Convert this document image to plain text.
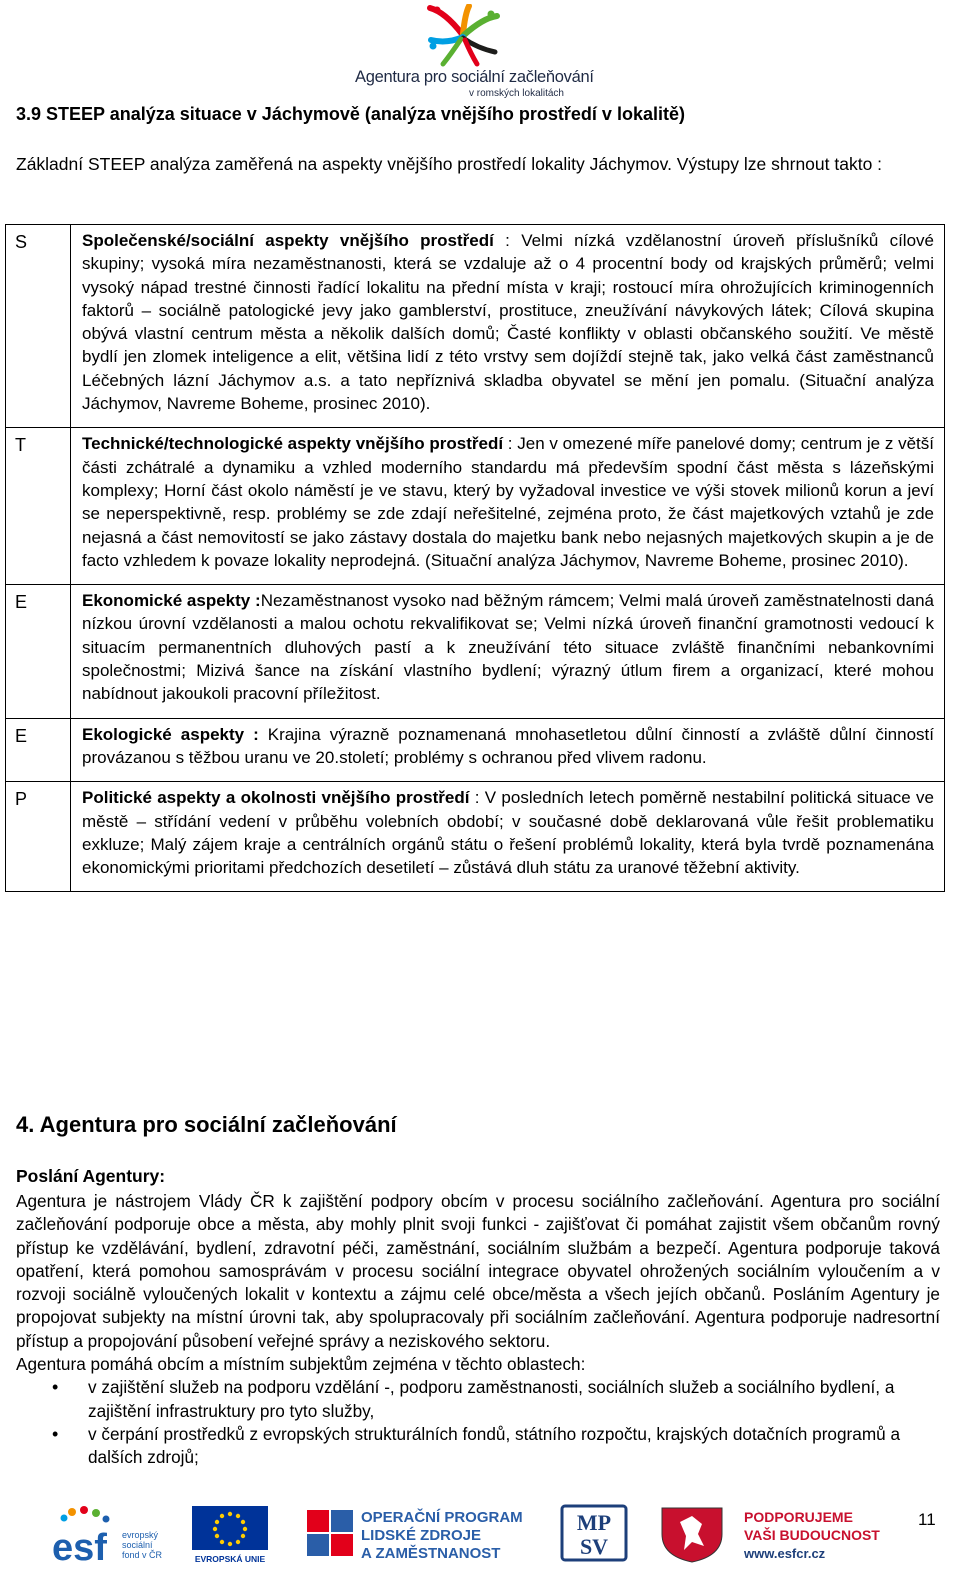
Agentura pro sociální začleňování
v romských lokalitách
3.9 STEEP analýza situace v Jáchymově (analýza vnějšího prostředí v lokalitě)
Základní STEEP analýza zaměřená na aspekty vnějšího prostředí lokality Jáchymov. Výstupy lze shrnout takto :
S	Společenské/sociální aspekty vnějšího prostředí : Velmi nízká vzdělanostní úroveň příslušníků cílové skupiny; vysoká míra nezaměstnanosti, která se vzdaluje až o 4 procentní body od krajských průměrů; velmi vysoký nápad trestné činnosti řadící lokalitu na přední místa v kraji; rostoucí míra ohrožujících kriminogenních faktorů – sociálně patologické jevy jako gamblerství, prostituce, zneužívání návykových látek; Cílová skupina obývá vlastní centrum města a několik dalších domů; Časté konflikty v oblasti občanského soužití. Ve městě bydlí jen zlomek inteligence a elit, většina lidí z této vrstvy sem dojíždí stejně tak, jako velká část zaměstnanců Léčebných lázní Jáchymov a.s. a tato nepříznivá skladba obyvatel se mění jen pomalu. (Situační analýza Jáchymov, Navreme Boheme, prosinec 2010).
T	Technické/technologické aspekty vnějšího prostředí : Jen v omezené míře panelové domy; centrum je z větší části zchátralé a dynamiku a vzhled moderního standardu má především spodní část města s lázeňskými komplexy; Horní část okolo náměstí je ve stavu, který by vyžadoval investice ve výši stovek milionů korun a jeví se neperspektivně, resp. problémy se zde zdají neřešitelné, zejména proto, že část majetkových vztahů je zde nejasná a část nemovitostí se jako zástavy dostala do majetku bank nebo nejasných majetkových skupin a je de facto vzhledem k povaze lokality neprodejná. (Situační analýza Jáchymov, Navreme Boheme, prosinec 2010).
E	Ekonomické aspekty :Nezaměstnanost vysoko nad běžným rámcem; Velmi malá úroveň zaměstnatelnosti daná nízkou úrovní vzdělanosti a malou ochotu rekvalifikovat se; Velmi nízká úroveň finanční gramotnosti vedoucí k situacím permanentních dluhových pastí a k zneužívání této situace zvláště finančními nebankovními společnostmi; Mizivá šance na získání vlastního bydlení; výrazný útlum firem a organizací, které mohou nabídnout jakoukoli pracovní příležitost.
E	Ekologické aspekty : Krajina výrazně poznamenaná mnohasetletou důlní činností a zvláště důlní činností provázanou s těžbou uranu ve 20.století; problémy s ochranou před vlivem radonu.
P	Politické aspekty a okolnosti vnějšího prostředí : V posledních letech poměrně nestabilní politická situace ve městě – střídání vedení v průběhu volebních období; v současné době deklarovaná vůle řešit problematiku exkluze; Malý zájem kraje a centrálních orgánů státu o řešení problémů lokality, která byla tvrdě poznamenána ekonomickými prioritami předchozích desetiletí – zůstává dluh státu za uranové těžební aktivity.
4. Agentura pro sociální začleňování
Poslání Agentury:

Agentura je nástrojem Vlády ČR k zajištění podpory obcím v procesu sociálního začleňování. Agentura pro sociální začleňování podporuje obce a města, aby mohly plnit svoji funkci - zajišťovat či pomáhat zajistit všem občanům rovný přístup ke vzdělávání, bydlení, zdravotní péči, zaměstnání, sociálním službám a bezpečí. Agentura podporuje taková opatření, která pomohou samosprávám v procesu sociální integrace obyvatel ohrožených sociálním vyloučením a v rozvoji sociálně vyloučených lokalit v kontextu a zájmu celé obce/města a všech jejích občanů. Posláním Agentury je propojovat subjekty na místní úrovni tak, aby spolupracovaly při sociálním začleňování. Agentura podporuje nadresortní přístup a propojování působení veřejné správy a neziskového sektoru.

Agentura pomáhá obcím a místním subjektům zejména v těchto oblastech:

• v zajištění služeb na podporu vzdělání -, podporu zaměstnanosti, sociálních služeb a sociálního bydlení, a zajištění infrastruktury pro tyto služby,
• v čerpání prostředků z evropských strukturálních fondů, státního rozpočtu, krajských dotačních programů a dalších zdrojů;
11
esf evropský sociální fond v ČR	EVROPSKÁ UNIE
OPERAČNÍ PROGRAM LIDSKÉ ZDROJE A ZAMĚSTNANOST
MP
SV
PODPORUJEME VAŠI BUDOUCNOST
www.esfcr.cz
